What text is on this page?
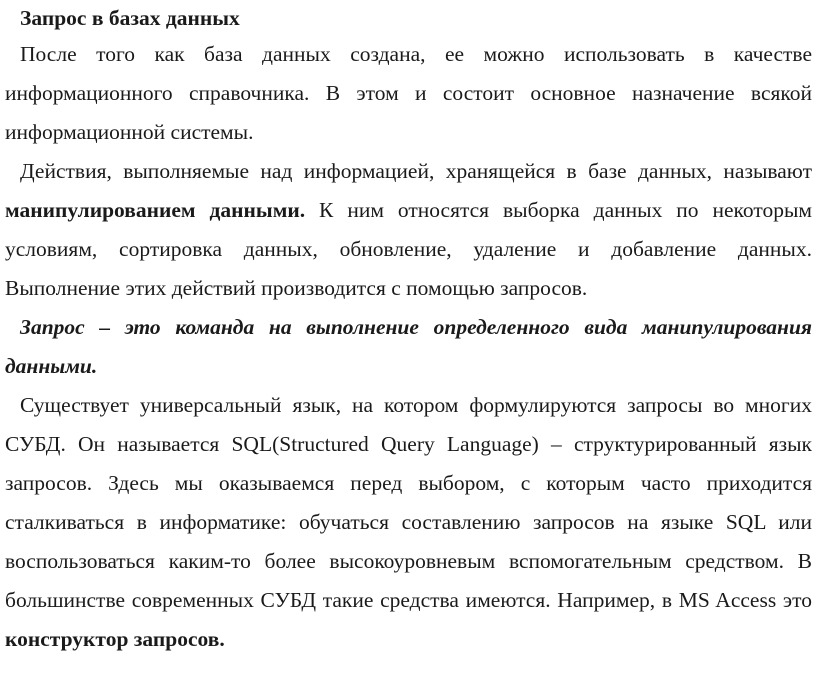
Запрос в базах данных

После того как база данных создана, ее можно использовать в качестве информационного справочника. В этом и состоит основное назначение всякой информационной системы.

Действия, выполняемые над информацией, хранящейся в базе данных, называют манипулированием данными. К ним относятся выборка данных по некоторым условиям, сортировка данных, обновление, удаление и добавление данных. Выполнение этих действий производится с помощью запросов.

Запрос – это команда на выполнение определенного вида манипулирования данными.

Существует универсальный язык, на котором формулируются запросы во многих СУБД. Он называется SQL(Structured Query Language) – структурированный язык запросов. Здесь мы оказываемся перед выбором, с которым часто приходится сталкиваться в информатике: обучаться составлению запросов на языке SQL или воспользоваться каким-то более высокоуровневым вспомогательным средством. В большинстве современных СУБД такие средства имеются. Например, в MS Access это конструктор запросов.
